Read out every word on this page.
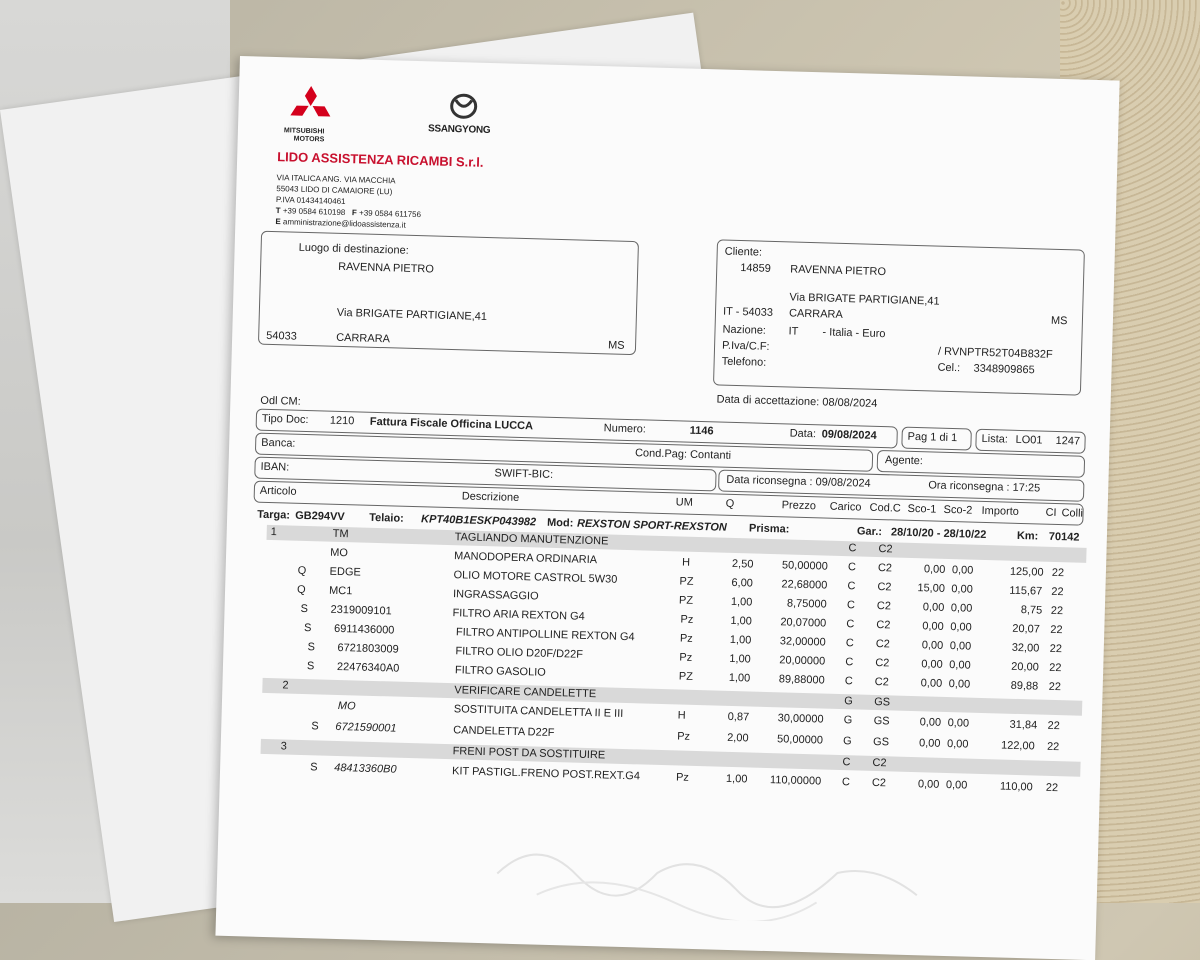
MITSUBISHI
MOTORS
SSANGYONG
LIDO ASSISTENZA RICAMBI S.r.l.
VIA ITALICA ANG. VIA MACCHIA
55043 LIDO DI CAMAIORE (LU)
P.IVA 01434140461
T +39 0584 610198 F +39 0584 611756
E amministrazione@lidoassistenza.it
Luogo di destinazione:
RAVENNA PIETRO
Via BRIGATE PARTIGIANE,41
54033	CARRARA
MS
Cliente:
14859 RAVENNA PIETRO
Via BRIGATE PARTIGIANE,41
IT - 54033 CARRARA
MS
Nazione: IT - Italia - Euro
P.Iva/C.F:	/ RVNPTR52T04B832F
Telefono:	Cel.: 3348909865
Data di accettazione: 08/08/2024
Odl CM:
Tipo Doc: 1210 Fattura Fiscale Officina LUCCA	Numero:	1146	Data: 09/08/2024	Pag 1 di 1 Lista: LO01 1247
Banca:
Cond.Pag: Contanti	Agente:
IBAN:
SWIFT-BIC:	Data riconsegna : 09/08/2024	Ora riconsegna : 17:25
Articolo	Descrizione	UM	Q	Prezzo Carico Cod.C Sco-1 Sco-2 Importo CI Colli
Targa: GB294VV Telaio: KPT40B1ESKP043982 Mod: REXSTON SPORT-REXSTON Prisma:	Gar.: 28/10/20 - 28/10/22	Km: 70142
1	TM	TAGLIANDO MANUTENZIONE
C C2
MO	MANODOPERA ORDINARIA	H	2,50	50,00000 C C2	0,00 0,00	125,00 22
Q EDGE	OLIO MOTORE CASTROL 5W30	PZ	6,00	22,68000 C C2 15,00 0,00	115,67 22
Q MC1	INGRASSAGGIO	PZ	1,00	8,75000 C C2	0,00 0,00	8,75 22
S 2319009101	FILTRO ARIA REXTON G4	Pz	1,00	20,07000 C C2	0,00 0,00	20,07 22
S 6911436000	FILTRO ANTIPOLLINE REXTON G4	Pz	1,00	32,00000 C C2	0,00 0,00	32,00 22
S 6721803009	FILTRO OLIO D20F/D22F	Pz	1,00	20,00000 C C2	0,00 0,00	20,00 22
S 22476340A0	FILTRO GASOLIO	PZ	1,00	89,88000 C C2	0,00 0,00	89,88 22
2	VERIFICARE CANDELETTE
G GS
MO	SOSTITUITA CANDELETTA II E III	H	0,87	30,00000 G GS	0,00 0,00	31,84 22
S 6721590001	CANDELETTA D22F	Pz	2,00	50,00000 G GS	0,00 0,00	122,00 22
3	FRENI POST DA SOSTITUIRE
C C2
S 48413360B0	KIT PASTIGL.FRENO POST.REXT.G4	Pz	1,00 110,00000 C C2	0,00 0,00	110,00 22
